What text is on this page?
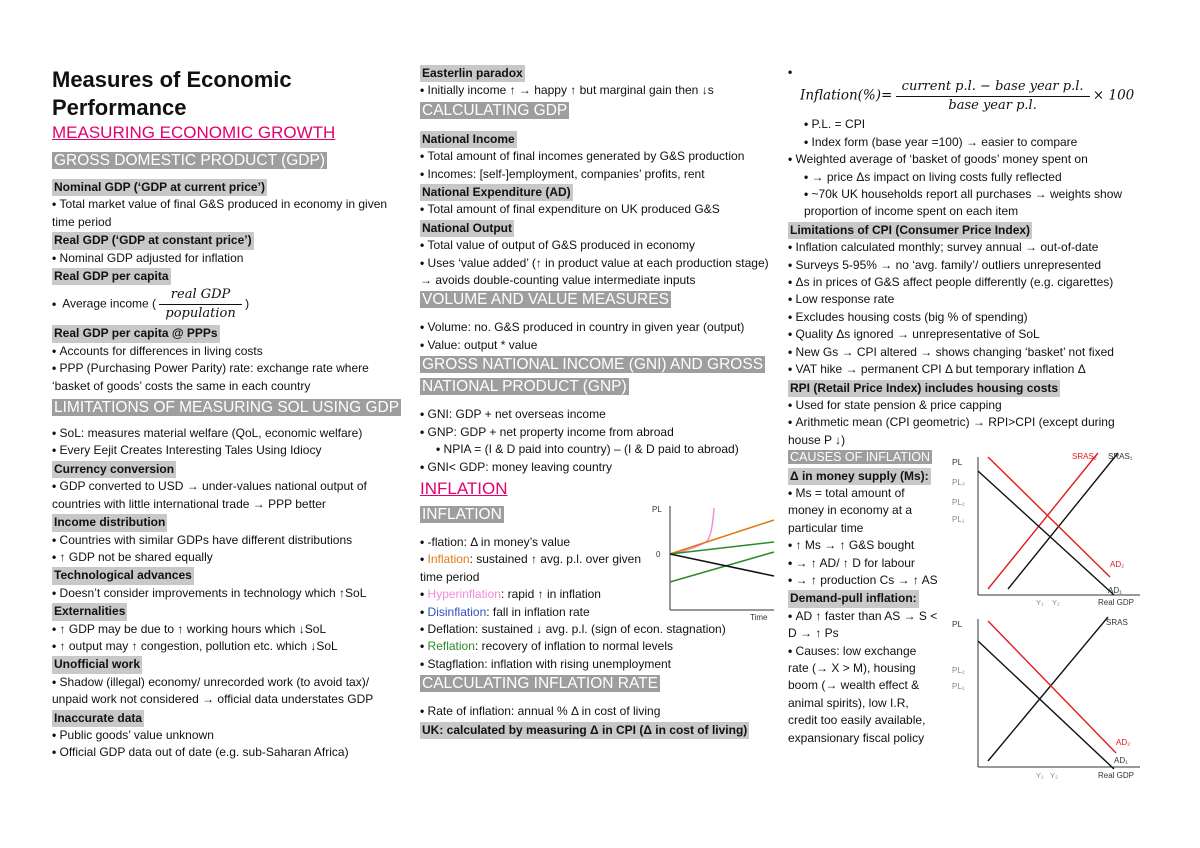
Measures of Economic Performance
MEASURING ECONOMIC GROWTH
GROSS DOMESTIC PRODUCT (GDP)
Nominal GDP (‘GDP at current price’)
• Total market value of final G&S produced in economy in given time period
Real GDP (‘GDP at constant price’)
• Nominal GDP adjusted for inflation
Real GDP per capita
• Average income ( $\frac{\text{real GDP}}{\text{population}}$ )
Real GDP per capita @ PPPs
• Accounts for differences in living costs
• PPP (Purchasing Power Parity) rate: exchange rate where ‘basket of goods’ costs the same in each country
LIMITATIONS OF MEASURING SOL USING GDP
• SoL: measures material welfare (QoL, economic welfare)
• Every Eejit Creates Interesting Tales Using Idiocy
Currency conversion
• GDP converted to USD → under-values national output of countries with little international trade → PPP better
Income distribution
• Countries with similar GDPs have different distributions
• ↑ GDP not be shared equally
Technological advances
• Doesn’t consider improvements in technology which ↑SoL
Externalities
• ↑ GDP may be due to ↑ working hours which ↓SoL
• ↑ output may ↑ congestion, pollution etc. which ↓SoL
Unofficial work
• Shadow (illegal) economy/ unrecorded work (to avoid tax)/ unpaid work not considered → official data understates GDP
Inaccurate data
• Public goods’ value unknown
• Official GDP data out of date (e.g. sub-Saharan Africa)
Easterlin paradox
• Initially income ↑ → happy ↑ but marginal gain then ↓s
CALCULATING GDP
National Income
• Total amount of final incomes generated by G&S production
• Incomes: [self-]employment, companies’ profits, rent
National Expenditure (AD)
• Total amount of final expenditure on UK produced G&S
National Output
• Total value of output of G&S produced in economy
• Uses ‘value added’ (↑ in product value at each production stage) → avoids double-counting value intermediate inputs
VOLUME AND VALUE MEASURES
• Volume: no. G&S produced in country in given year (output)
• Value: output * value
GROSS NATIONAL INCOME (GNI) AND GROSS NATIONAL PRODUCT (GNP)
• GNI: GDP + net overseas income
• GNP: GDP + net property income from abroad
• NPIA = (I & D paid into country) – (I & D paid to abroad)
• GNI< GDP: money leaving country
INFLATION
INFLATION	PL
0
Time
• -flation: Δ in money’s value
• Inflation: sustained ↑ avg. p.l. over given time period
• Hyperinflation: rapid ↑ in inflation
• Disinflation: fall in inflation rate
• Deflation: sustained ↓ avg. p.l. (sign of econ. stagnation)
• Reflation: recovery of inflation to normal levels
• Stagflation: inflation with rising unemployment
CALCULATING INFLATION RATE
• Rate of inflation: annual % Δ in cost of living
UK: calculated by measuring Δ in CPI (Δ in cost of living)
•
Inflation(%)= $\frac{\text{current p.l. − base year p.l.}}{\text{base year p.l.}} \times 100$
• P.L. = CPI
• Index form (base year =100) → easier to compare
• Weighted average of ‘basket of goods’ money spent on
• → price Δs impact on living costs fully reflected
• ~70k UK households report all purchases → weights show proportion of income spent on each item
Limitations of CPI (Consumer Price Index)
• Inflation calculated monthly; survey annual → out-of-date
• Surveys 5-95% → no ‘avg. family’/ outliers unrepresented
• Δs in prices of G&S affect people differently (e.g. cigarettes)
• Low response rate
• Excludes housing costs (big % of spending)
• Quality Δs ignored → unrepresentative of SoL
• New Gs → CPI altered → shows changing ‘basket’ not fixed
• VAT hike → permanent CPI Δ but temporary inflation Δ
RPI (Retail Price Index) includes housing costs
• Used for state pension & price capping
• Arithmetic mean (CPI geometric) → RPI>CPI (except during house P ↓)
CAUSES OF INFLATION
Δ in money supply (Ms):
• Ms = total amount of money in economy at a particular time
• ↑ Ms → ↑ G&S bought
• → ↑ AD/ ↑ D for labour
• → ↑ production Cs → ↑ AS
Demand-pull inflation:
• AD ↑ faster than AS → S < D → ↑ Ps
• Causes: low exchange rate (→ X > M), housing boom (→ wealth effect & animal spirits), low I.R, credit too easily available, expansionary fiscal policy
PL
PL₃
PL₂
PL₁
SRAS₂ SRAS₁
AD₂
AD₁
Y₁ Y₂	Real GDP
PL
PL₂
PL₁
SRAS
AD₂
AD₁
Y₁ Y₂	Real GDP
